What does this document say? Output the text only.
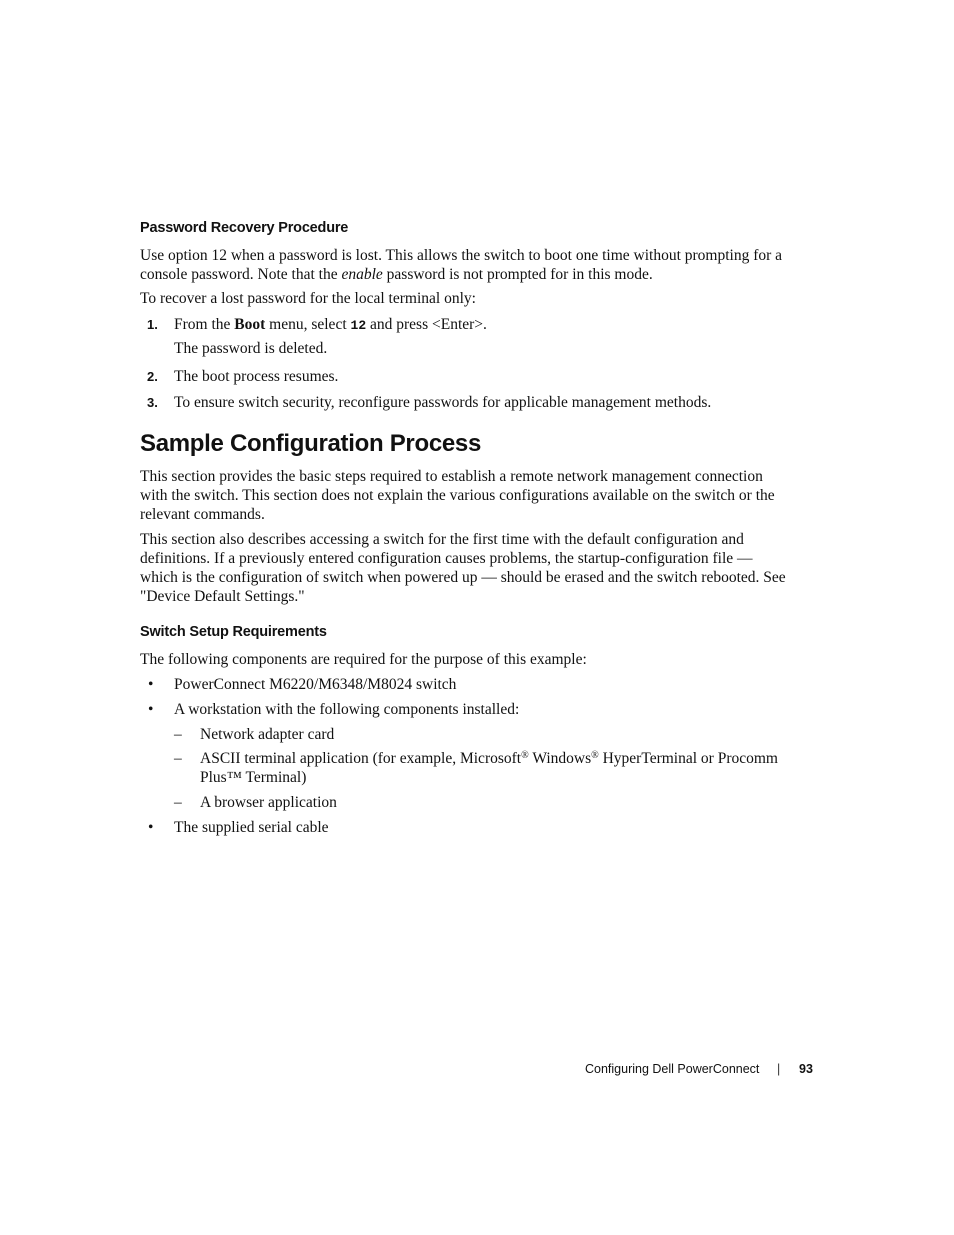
Password Recovery Procedure
Use option 12 when a password is lost. This allows the switch to boot one time without prompting for a
console password. Note that the enable password is not prompted for in this mode.
To recover a lost password for the local terminal only:
1. From the Boot menu, select 12 and press <Enter>.
The password is deleted.
2. The boot process resumes.
3. To ensure switch security, reconfigure passwords for applicable management methods.
Sample Configuration Process
This section provides the basic steps required to establish a remote network management connection
with the switch. This section does not explain the various configurations available on the switch or the
relevant commands.
This section also describes accessing a switch for the first time with the default configuration and
definitions. If a previously entered configuration causes problems, the startup-configuration file —
which is the configuration of switch when powered up — should be erased and the switch rebooted. See
"Device Default Settings."
Switch Setup Requirements
The following components are required for the purpose of this example:
• PowerConnect M6220/M6348/M8024 switch
• A workstation with the following components installed:
– Network adapter card
– ASCII terminal application (for example, Microsoft® Windows® HyperTerminal or Procomm
Plus™ Terminal)
– A browser application
• The supplied serial cable
Configuring Dell PowerConnect | 93
